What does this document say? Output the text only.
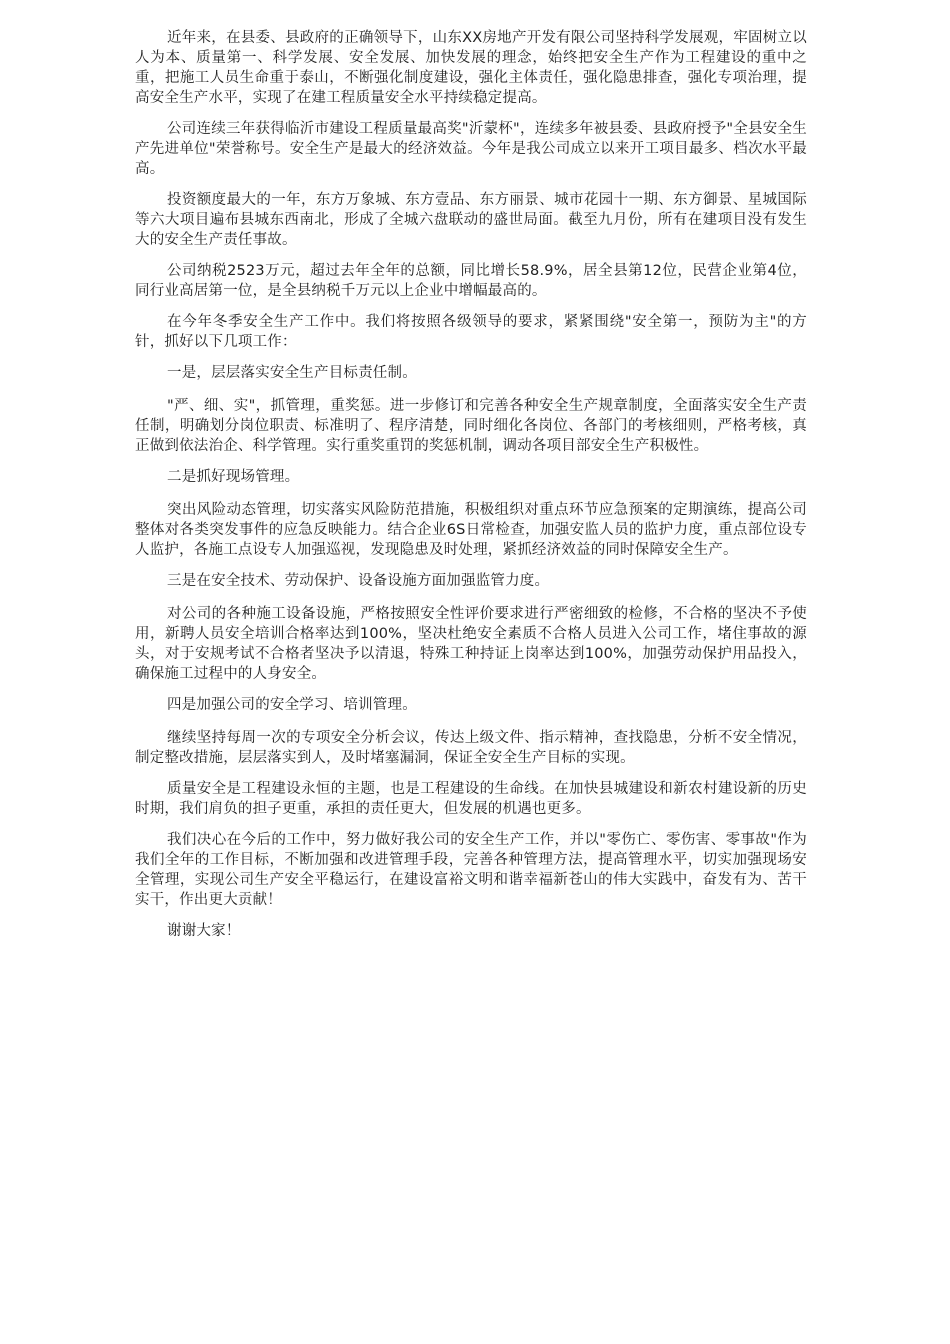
近年来，在县委、县政府的正确领导下，山东XX房地产开发有限公司坚持科学发展观，牢固树立以人为本、质量第一、科学发展、安全发展、加快发展的理念，始终把安全生产作为工程建设的重中之重，把施工人员生命重于泰山，不断强化制度建设，强化主体责任，强化隐患排查，强化专项治理，提高安全生产水平，实现了在建工程质量安全水平持续稳定提高。

公司连续三年获得临沂市建设工程质量最高奖"沂蒙杯"，连续多年被县委、县政府授予"全县安全生产先进单位"荣誉称号。安全生产是最大的经济效益。今年是我公司成立以来开工项目最多、档次水平最高。

投资额度最大的一年，东方万象城、东方壹品、东方丽景、城市花园十一期、东方御景、星城国际等六大项目遍布县城东西南北，形成了全城六盘联动的盛世局面。截至九月份，所有在建项目没有发生大的安全生产责任事故。

公司纳税2523万元，超过去年全年的总额，同比增长58.9%，居全县第12位，民营企业第4位，同行业高居第一位，是全县纳税千万元以上企业中增幅最高的。

在今年冬季安全生产工作中。我们将按照各级领导的要求，紧紧围绕"安全第一，预防为主"的方针，抓好以下几项工作：

一是，层层落实安全生产目标责任制。

"严、细、实"，抓管理，重奖惩。进一步修订和完善各种安全生产规章制度，全面落实安全生产责任制，明确划分岗位职责、标准明了、程序清楚，同时细化各岗位、各部门的考核细则，严格考核，真正做到依法治企、科学管理。实行重奖重罚的奖惩机制，调动各项目部安全生产积极性。

二是抓好现场管理。

突出风险动态管理，切实落实风险防范措施，积极组织对重点环节应急预案的定期演练，提高公司整体对各类突发事件的应急反映能力。结合企业6S日常检查，加强安监人员的监护力度，重点部位设专人监护，各施工点设专人加强巡视，发现隐患及时处理，紧抓经济效益的同时保障安全生产。

三是在安全技术、劳动保护、设备设施方面加强监管力度。

对公司的各种施工设备设施，严格按照安全性评价要求进行严密细致的检修，不合格的坚决不予使用，新聘人员安全培训合格率达到100%，坚决杜绝安全素质不合格人员进入公司工作，堵住事故的源头，对于安规考试不合格者坚决予以清退，特殊工种持证上岗率达到100%，加强劳动保护用品投入，确保施工过程中的人身安全。

四是加强公司的安全学习、培训管理。

继续坚持每周一次的专项安全分析会议，传达上级文件、指示精神，查找隐患，分析不安全情况，制定整改措施，层层落实到人，及时堵塞漏洞，保证全安全生产目标的实现。

质量安全是工程建设永恒的主题，也是工程建设的生命线。在加快县城建设和新农村建设新的历史时期，我们肩负的担子更重，承担的责任更大，但发展的机遇也更多。

我们决心在今后的工作中，努力做好我公司的安全生产工作，并以"零伤亡、零伤害、零事故"作为我们全年的工作目标，不断加强和改进管理手段，完善各种管理方法，提高管理水平，切实加强现场安全管理，实现公司生产安全平稳运行，在建设富裕文明和谐幸福新苍山的伟大实践中，奋发有为、苦干实干，作出更大贡献！

谢谢大家！
